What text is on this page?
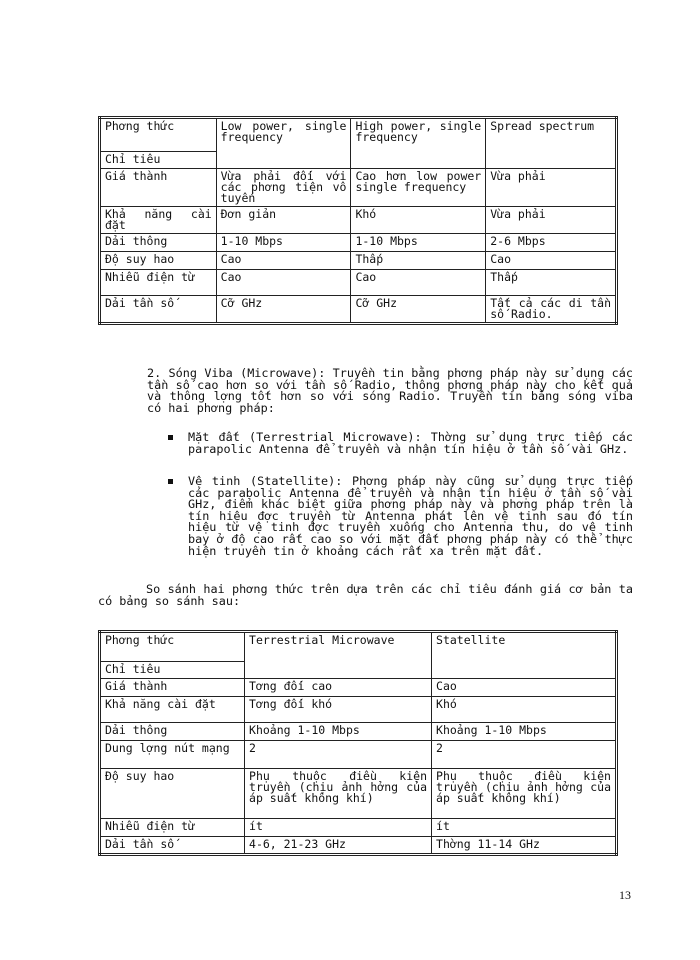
Phơng thức	Low power, single frequency	High power, single frequency	Spread spectrum
Chỉ tiêu			
Giá thành	Vừa phải đối với các phơng tiện vô tuyến	Cao hơn low power single frequency	Vừa phải
Khả năng cài đặt	Đơn giản	Khó	Vừa phải
Dải thông	1-10 Mbps	1-10 Mbps	2-6 Mbps
Độ suy hao	Cao	Thấp	Cao
Nhiễu điện từ	Cao	Cao	Thấp
Dải tần số	Cỡ GHz	Cỡ GHz	Tất cả các di tần số Radio.

2. Sóng Viba (Microwave): Truyền tin bằng phơng pháp này sử dụng các tần số cao hơn so với tần số Radio, thông phơng pháp này cho kết quả và thông lợng tốt hơn so với sóng Radio. Truyền tin bằng sóng viba có hai phơng pháp:

Mặt đất (Terrestrial Microwave): Thờng sử dụng trực tiếp các parapolic Antenna để truyền và nhận tín hiệu ở tần số vài GHz.

Vệ tinh (Statellite): Phơng pháp này cũng sử dụng trực tiếp các parabolic Antenna để truyền và nhận tín hiệu ở tần số vài GHz, điểm khác biệt giữa phơng pháp này và phơng pháp trên là tín hiệu đợc truyền từ Antenna phát lên vệ tinh sau đó tín hiệu từ vệ tinh đợc truyền xuống cho Antenna thu, do vệ tinh bay ở độ cao rất cao so với mặt đất phơng pháp này có thể thực hiện truyền tin ở khoảng cách rất xa trên mặt đất.

So sánh hai phơng thức trên dựa trên các chỉ tiêu đánh giá cơ bản ta có bảng so sánh sau:

Phơng thức	Terrestrial Microwave	Statellite
Chỉ tiêu		
Giá thành	Tơng đối cao	Cao
Khả năng cài đặt	Tơng đối khó	Khó
Dải thông	Khoảng 1-10 Mbps	Khoảng 1-10 Mbps
Dung lợng nút mạng	2	2
Độ suy hao	Phụ thuộc điều kiện truyền (chịu ảnh hởng của áp suất không khí)	Phụ thuộc điều kiện truyền (chịu ảnh hởng của áp suất không khí)
Nhiễu điện từ	ít	ít
Dải tần số	4-6, 21-23 GHz	Thờng 11-14 GHz
13
